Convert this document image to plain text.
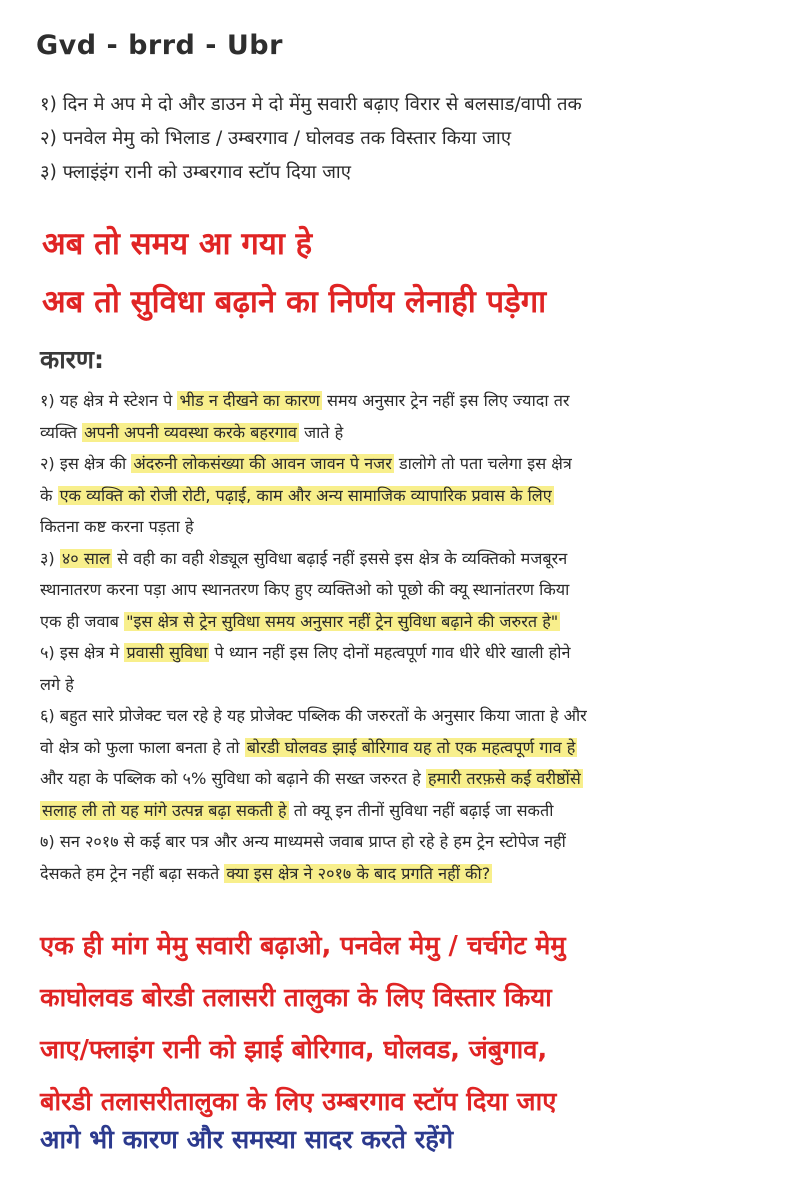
Gvd - brrd - Ubr
१) दिन मे अप मे दो और डाउन मे दो मेंमु सवारी बढ़ाए विरार से बलसाड/वापी तक
२) पनवेल मेमु को भिलाड / उम्बरगाव / घोलवड तक विस्तार किया जाए
३) फ्लाइंइंग रानी को उम्बरगाव स्टॉप दिया जाए
अब तो समय आ गया हे
अब तो सुविधा बढ़ाने का निर्णय लेनाही पड़ेगा
कारण:
१) यह क्षेत्र मे स्टेशन पे भीड न दीखने का कारण समय अनुसार ट्रेन नहीं इस लिए ज्यादा तर
व्यक्ति अपनी अपनी व्यवस्था करके बहरगाव जाते हे
२) इस क्षेत्र की अंदरुनी लोकसंख्या की आवन जावन पे नजर डालोगे तो पता चलेगा इस क्षेत्र
के एक व्यक्ति को रोजी रोटी, पढ़ाई, काम और अन्य सामाजिक व्यापारिक प्रवास के लिए
कितना कष्ट करना पड़ता हे
३) ४० साल से वही का वही शेड्यूल सुविधा बढ़ाई नहीं इससे इस क्षेत्र के व्यक्तिको मजबूरन
स्थानातरण करना पड़ा आप स्थानतरण किए हुए व्यक्तिओ को पूछो की क्यू स्थानांतरण किया
एक ही जवाब "इस क्षेत्र से ट्रेन सुविधा समय अनुसार नहीं ट्रेन सुविधा बढ़ाने की जरुरत हे"
५) इस क्षेत्र मे प्रवासी सुविधा पे ध्यान नहीं इस लिए दोनों महत्वपूर्ण गाव धीरे धीरे खाली होने
लगे हे
६) बहुत सारे प्रोजेक्ट चल रहे हे यह प्रोजेक्ट पब्लिक की जरुरतों के अनुसार किया जाता हे और
वो क्षेत्र को फुला फाला बनता हे तो बोरडी घोलवड झाई बोरिगाव यह तो एक महत्वपूर्ण गाव हे
और यहा के पब्लिक को ५% सुविधा को बढ़ाने की सख्त जरुरत हे हमारी तरफ़से कई वरीष्ठोंसे
सलाह ली तो यह मांगे उत्पन्न बढ़ा सकती हे तो क्यू इन तीनों सुविधा नहीं बढ़ाई जा सकती
७) सन २०१७ से कई बार पत्र और अन्य माध्यमसे जवाब प्राप्त हो रहे हे हम ट्रेन स्टोपेज नहीं
देसकते हम ट्रेन नहीं बढ़ा सकते क्या इस क्षेत्र ने २०१७ के बाद प्रगति नहीं की?
एक ही मांग मेमु सवारी बढ़ाओ, पनवेल मेमु / चर्चगेट मेमु
काघोलवड बोरडी तलासरी तालुका के लिए विस्तार किया
जाए/फ्लाइंग रानी को झाई बोरिगाव, घोलवड, जंबुगाव,
बोरडी तलासरीतालुका के लिए उम्बरगाव स्टॉप दिया जाए
आगे भी कारण और समस्या सादर करते रहेंगे
